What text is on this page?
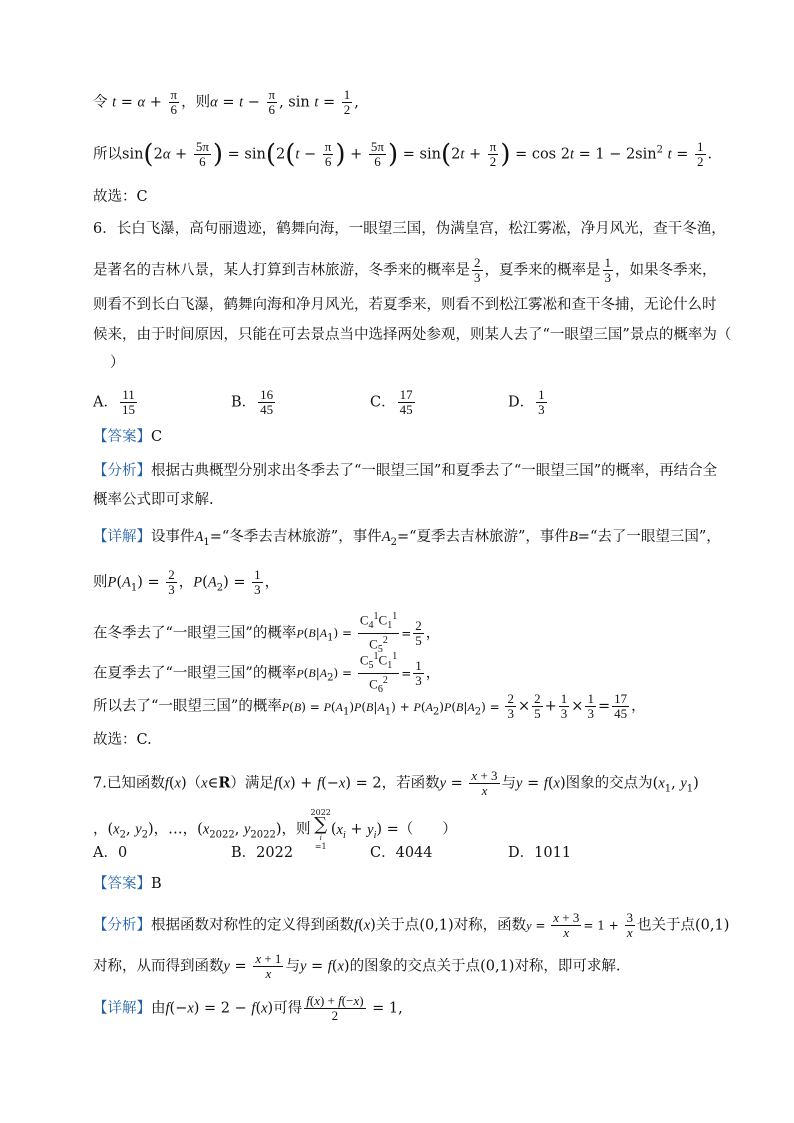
令 $t = \alpha + \frac{\pi}{6}$ ，则$\alpha = t - \frac{\pi}{6}$ , $\sin t = \frac{1}{2}$ ,
所以$\sin(2\alpha + \frac{5\pi}{6}$ ) = $\sin(2(t - \frac{\pi}{6}$ ) + $\frac{5\pi}{6}$ ) = $\sin(2t + \frac{\pi}{2}$ ) = $\cos 2t = 1 - 2\sin^2$ $t = \frac{1}{2}$ .
故选：C
6．长白飞瀑，高句丽遗迹，鹤舞向海，一眼望三国，伪满皇宫，松江雾凇，净月风光，查干冬渔，
是著名的吉林八景，某人打算到吉林旅游，冬季来的概率是 $\frac{2}{3}$ ，夏季来的概率是 $\frac{1}{3}$ ，如果冬季来，
则看不到长白飞瀑，鹤舞向海和净月风光，若夏季来，则看不到松江雾凇和查干冬捕，无论什么时
候来，由于时间原因，只能在可去景点当中选择两处参观，则某人去了“一眼望三国”景点的概率为（
）
A． $\frac{11}{15}$	B． $\frac{16}{45}$	C． $\frac{17}{45}$	D． $\frac{1}{3}$
【答案】C
【分析】根据古典概型分别求出冬季去了“一眼望三国”和夏季去了“一眼望三国”的概率，再结合全
概率公式即可求解.
【详解】设事件$A_1=“$冬季去吉林旅游”，事件$A_2=“$夏季去吉林旅游”，事件B=“去了一眼望三国”，
则$P(A_1) = \frac{2}{3}$ ，$P(A_2) = \frac{1}{3}$ ，
在冬季去了“一眼望三国”的概率$P(B|A_1) = \frac{C_4^1C_1^1}{C_5^2} = \frac{2}{5}$ ，
在夏季去了“一眼望三国”的概率$P(B|A_2) = \frac{C_5^1C_1^1}{C_6^2} = \frac{1}{3}$ ，
所以去了“一眼望三国”的概率$P(B) = P(A_1)P(B|A_1) + P(A_2)P(B|A_2) = \frac{2}{3} \times \frac{2}{5} + \frac{1}{3} \times \frac{1}{3} = \frac{17}{45}$ ，
故选：C.
7.已知函数f(x)（x∈R）满足f(x) + f(−x) = 2，若函数$y = \frac{x + 3}{x}$ 与y = f(x)图象的交点为($x_1$, $y_1$)
，($x_2$, $y_2$)，…，($x_{2022}$, $y_{2022}$)，则
2022
∑
i
=1
$(x_i + y_i)$ =（　　）
A．0	B．2022	C．4044	D．1011
【答案】B
【分析】根据函数对称性的定义得到函数f(x)关于点(0,1)对称，函数$y = \frac{x + 3}{x} = 1 + \frac{3}{x}$ 也关于点(0,1)
对称，从而得到函数$y = \frac{x + 1}{x}$ 与y = f(x)的图象的交点关于点(0,1)对称，即可求解.
【详解】由f(−x) = 2 − f(x)可得 $\frac{f(x) + f(-x)}{2} = 1$,
